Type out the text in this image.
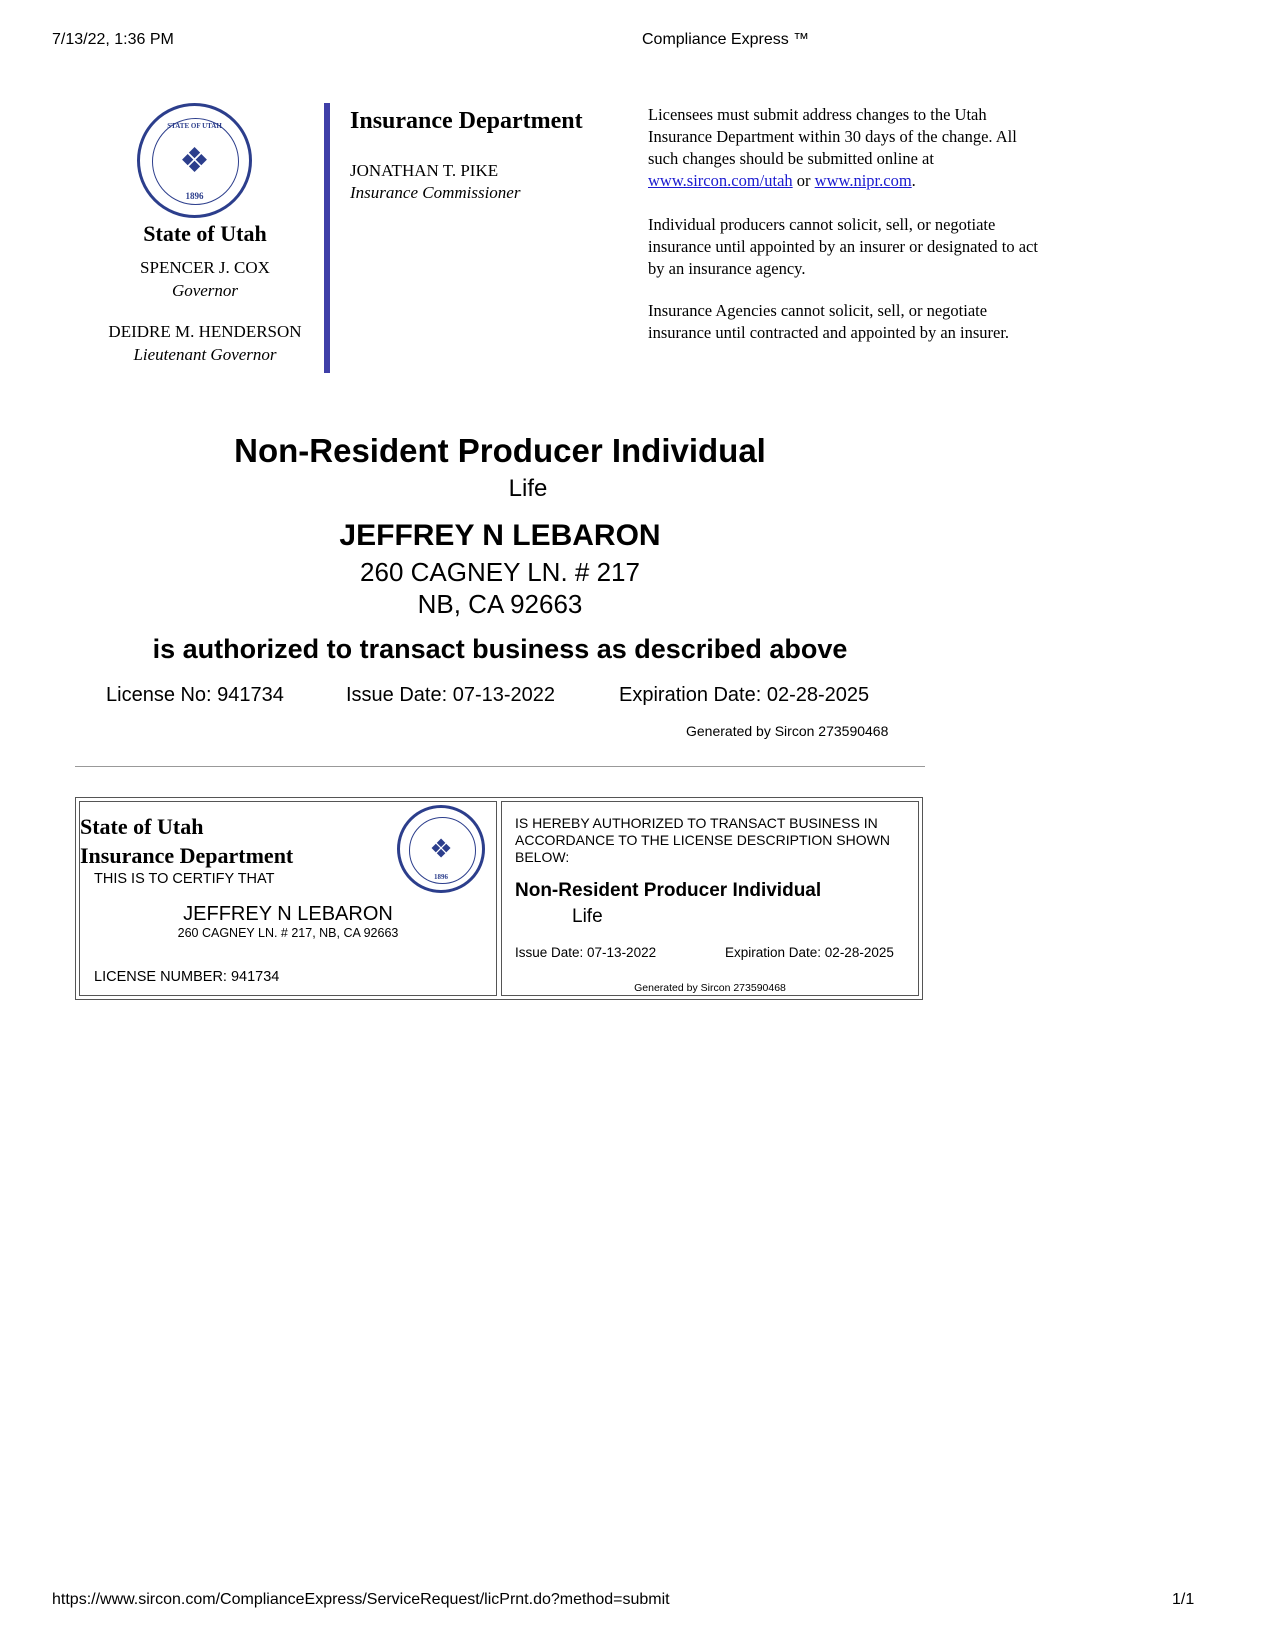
7/13/22, 1:36 PM	Compliance Express ™
STATE OF UTAH
❖
1896
State of Utah
SPENCER J. COX
Governor
DEIDRE M. HENDERSON
Lieutenant Governor
Insurance Department
JONATHAN T. PIKE
Insurance Commissioner
Licensees must submit address changes to the Utah Insurance Department within 30 days of the change. All such changes should be submitted online at www.sircon.com/utah or www.nipr.com.
Individual producers cannot solicit, sell, or negotiate insurance until appointed by an insurer or designated to act by an insurance agency.
Insurance Agencies cannot solicit, sell, or negotiate insurance until contracted and appointed by an insurer.
Non-Resident Producer Individual
Life
JEFFREY N LEBARON
260 CAGNEY LN. # 217
NB, CA 92663
is authorized to transact business as described above
License No: 941734	Issue Date: 07-13-2022	Expiration Date: 02-28-2025
Generated by Sircon 273590468
State of Utah
Insurance Department	❖
1896
THIS IS TO CERTIFY THAT
JEFFREY N LEBARON
260 CAGNEY LN. # 217, NB, CA 92663
LICENSE NUMBER: 941734
IS HEREBY AUTHORIZED TO TRANSACT BUSINESS IN ACCORDANCE TO THE LICENSE DESCRIPTION SHOWN BELOW:
Non-Resident Producer Individual
Life
Issue Date: 07-13-2022	Expiration Date: 02-28-2025
Generated by Sircon 273590468
https://www.sircon.com/ComplianceExpress/ServiceRequest/licPrnt.do?method=submit	1/1
